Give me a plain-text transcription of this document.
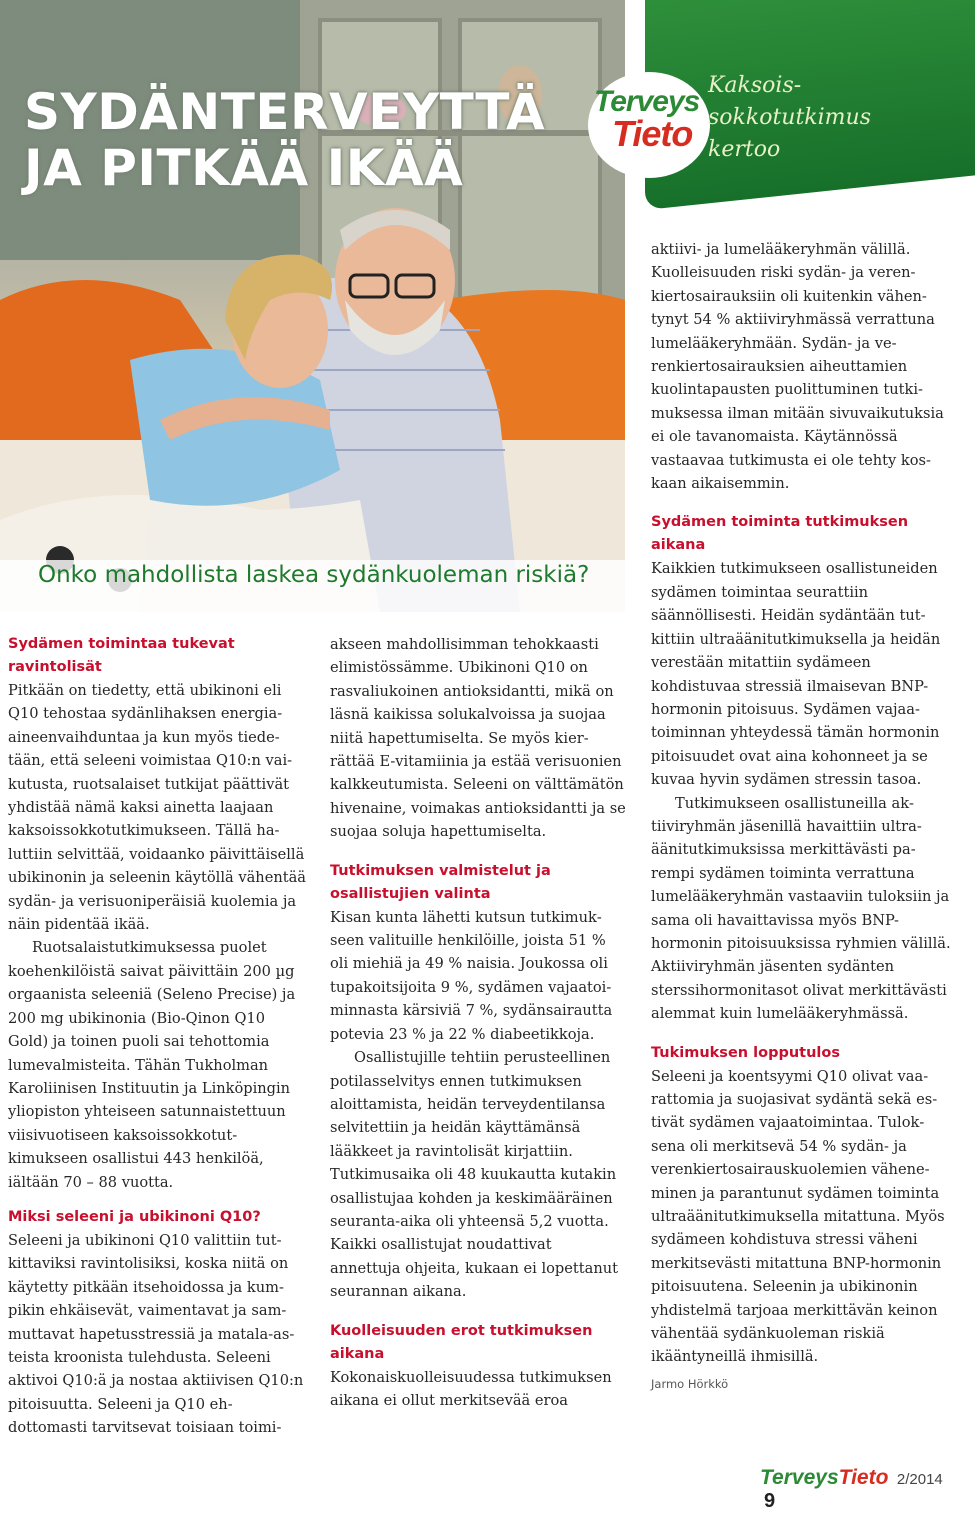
SYDÄNTERVEYTTÄ
JA PITKÄÄ IKÄÄ
Terveys
Tieto
Kaksois-
sokkotutkimus
kertoo
Onko mahdollista laskea sydänkuoleman riskiä?
Sydämen toimintaa tukevat ravintolisät

Pitkään on tiedetty, että ubikinoni eli Q10 tehostaa sydänlihaksen energiaaineenvaihduntaa ja kun myös tiedetään, että seleeni voimistaa Q10:n vaikutusta, ruotsalaiset tutkijat päättivät yhdistää nämä kaksi ainetta laajaan kaksoissokkotutkimukseen. Tällä haluttiin selvittää, voidaanko päivittäisellä ubikinonin ja seleenin käytöllä vähentää sydän- ja verisuoniperäisiä kuolemia ja näin pidentää ikää.

Ruotsalaistutkimuksessa puolet koehenkilöistä saivat päivittäin 200 µg orgaanista seleeniä (Seleno Precise) ja 200 mg ubikinonia (Bio-Qinon Q10 Gold) ja toinen puoli sai tehottomia lumevalmisteita. Tähän Tukholman Karoliinisen Instituutin ja Linköpingin yliopiston yhteiseen satunnaistettuun viisivuotiseen kaksoissokkotutkimukseen osallistui 443 henkilöä, iältään 70 – 88 vuotta.

Miksi seleeni ja ubikinoni Q10?

Seleeni ja ubikinoni Q10 valittiin tutkittaviksi ravintolisiksi, koska niitä on käytetty pitkään itsehoidossa ja kumpikin ehkäisevät, vaimentavat ja sammuttavat hapetusstressiä ja matala-asteista kroonista tulehdusta. Seleeni aktivoi Q10:ä ja nostaa aktiivisen Q10:n pitoisuutta. Seleeni ja Q10 ehdottomasti tarvitsevat toisiaan toimi-

akseen mahdollisimman tehokkaasti elimistössämme. Ubikinoni Q10 on rasvaliukoinen antioksidantti, mikä on läsnä kaikissa solukalvoissa ja suojaa niitä hapettumiselta. Se myös kierrättää E-vitamiinia ja estää verisuonien kalkkeutumista. Seleeni on välttämätön hivenaine, voimakas antioksidantti ja se suojaa soluja hapettumiselta.

Tutkimuksen valmistelut ja osallistujien valinta

Kisan kunta lähetti kutsun tutkimukseen valituille henkilöille, joista 51 % oli miehiä ja 49 % naisia. Joukossa oli tupakoitsijoita 9 %, sydämen vajaatoiminnasta kärsiviä 7 %, sydänsairautta potevia 23 % ja 22 % diabeetikkoja.

Osallistujille tehtiin perusteellinen potilasselvitys ennen tutkimuksen aloittamista, heidän terveydentilansa selvitettiin ja heidän käyttämänsä lääkkeet ja ravintolisät kirjattiin. Tutkimusaika oli 48 kuukautta kutakin osallistujaa kohden ja keskimääräinen seuranta-aika oli yhteensä 5,2 vuotta. Kaikki osallistujat noudattivat annettuja ohjeita, kukaan ei lopettanut seurannan aikana.

Kuolleisuuden erot tutkimuksen aikana

Kokonaiskuolleisuudessa tutkimuksen aikana ei ollut merkitsevää eroa

aktiivi- ja lumelääkeryhmän välillä. Kuolleisuuden riski sydän- ja verenkiertosairauksiin oli kuitenkin vähentynyt 54 % aktiiviryhmässä verrattuna lumelääkeryhmään. Sydän- ja verenkiertosairauksien aiheuttamien kuolintapausten puolittuminen tutkimuksessa ilman mitään sivuvaikutuksia ei ole tavanomaista. Käytännössä vastaavaa tutkimusta ei ole tehty koskaan aikaisemmin.

Sydämen toiminta tutkimuksen aikana

Kaikkien tutkimukseen osallistuneiden sydämen toimintaa seurattiin säännöllisesti. Heidän sydäntään tutkittiin ultraäänitutkimuksella ja heidän verestään mitattiin sydämeen kohdistuvaa stressiä ilmaisevan BNP-hormonin pitoisuus. Sydämen vajaatoiminnan yhteydessä tämän hormonin pitoisuudet ovat aina kohonneet ja se kuvaa hyvin sydämen stressin tasoa.

Tutkimukseen osallistuneilla aktiiviryhmän jäsenillä havaittiin ultraäänitutkimuksissa merkittävästi parempi sydämen toiminta verrattuna lumelääkeryhmän vastaaviin tuloksiin ja sama oli havaittavissa myös BNP-hormonin pitoisuuksissa ryhmien välillä. Aktiiviryhmän jäsenten sydänten sterssihormonitasot olivat merkittävästi alemmat kuin lumelääkeryhmässä.

Tukimuksen lopputulos

Seleeni ja koentsyymi Q10 olivat vaarattomia ja suojasivat sydäntä sekä estivät sydämen vajaatoimintaa. Tuloksena oli merkitsevä 54 % sydän- ja verenkiertosairauskuolemien väheneminen ja parantunut sydämen toiminta ultraäänitutkimuksella mitattuna. Myös sydämeen kohdistuva stressi väheni merkitsevästi mitattuna BNP-hormonin pitoisuutena. Seleenin ja ubikinonin yhdistelmä tarjoaa merkittävän keinon vähentää sydänkuoleman riskiä ikääntyneillä ihmisillä.

Jarmo Hörkkö
TerveysTieto 2/2014 9
